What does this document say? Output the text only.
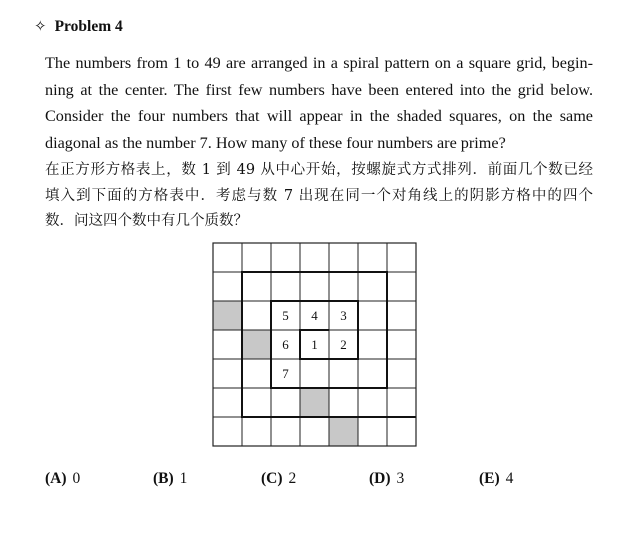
✧ Problem 4
The numbers from 1 to 49 are arranged in a spiral pattern on a square grid, begin-
ning at the center. The first few numbers have been entered into the grid below.
Consider the four numbers that will appear in the shaded squares, on the same
diagonal as the number 7. How many of these four numbers are prime?
在正方形方格表上，数 1 到 49 从中心开始，按螺旋式方式排列．前面几个数已经
填入到下面的方格表中．考虑与数 7 出现在同一个对角线上的阴影方格中的四个
数．问这四个数中有几个质数？
5 4 3
6 1 2
7
(A) 0	(B) 1	(C) 2	(D) 3	(E) 4
